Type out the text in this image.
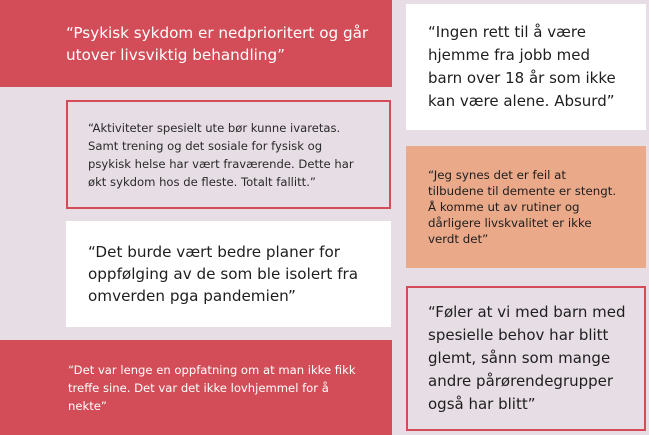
“Psykisk sykdom er nedprioritert og går
utover livsviktig behandling”

“Aktiviteter spesielt ute bør kunne ivaretas.
Samt trening og det sosiale for fysisk og
psykisk helse har vært fraværende. Dette har
økt sykdom hos de fleste. Totalt fallitt.”

“Det burde vært bedre planer for
oppfølging av de som ble isolert fra
omverden pga pandemien”

“Det var lenge en oppfatning om at man ikke fikk
treffe sine. Det var det ikke lovhjemmel for å
nekte”

“Ingen rett til å være
hjemme fra jobb med
barn over 18 år som ikke
kan være alene. Absurd”

“Jeg synes det er feil at
tilbudene til demente er stengt.
Å komme ut av rutiner og
dårligere livskvalitet er ikke
verdt det”

“Føler at vi med barn med
spesielle behov har blitt
glemt, sånn som mange
andre pårørendegrupper
også har blitt”
